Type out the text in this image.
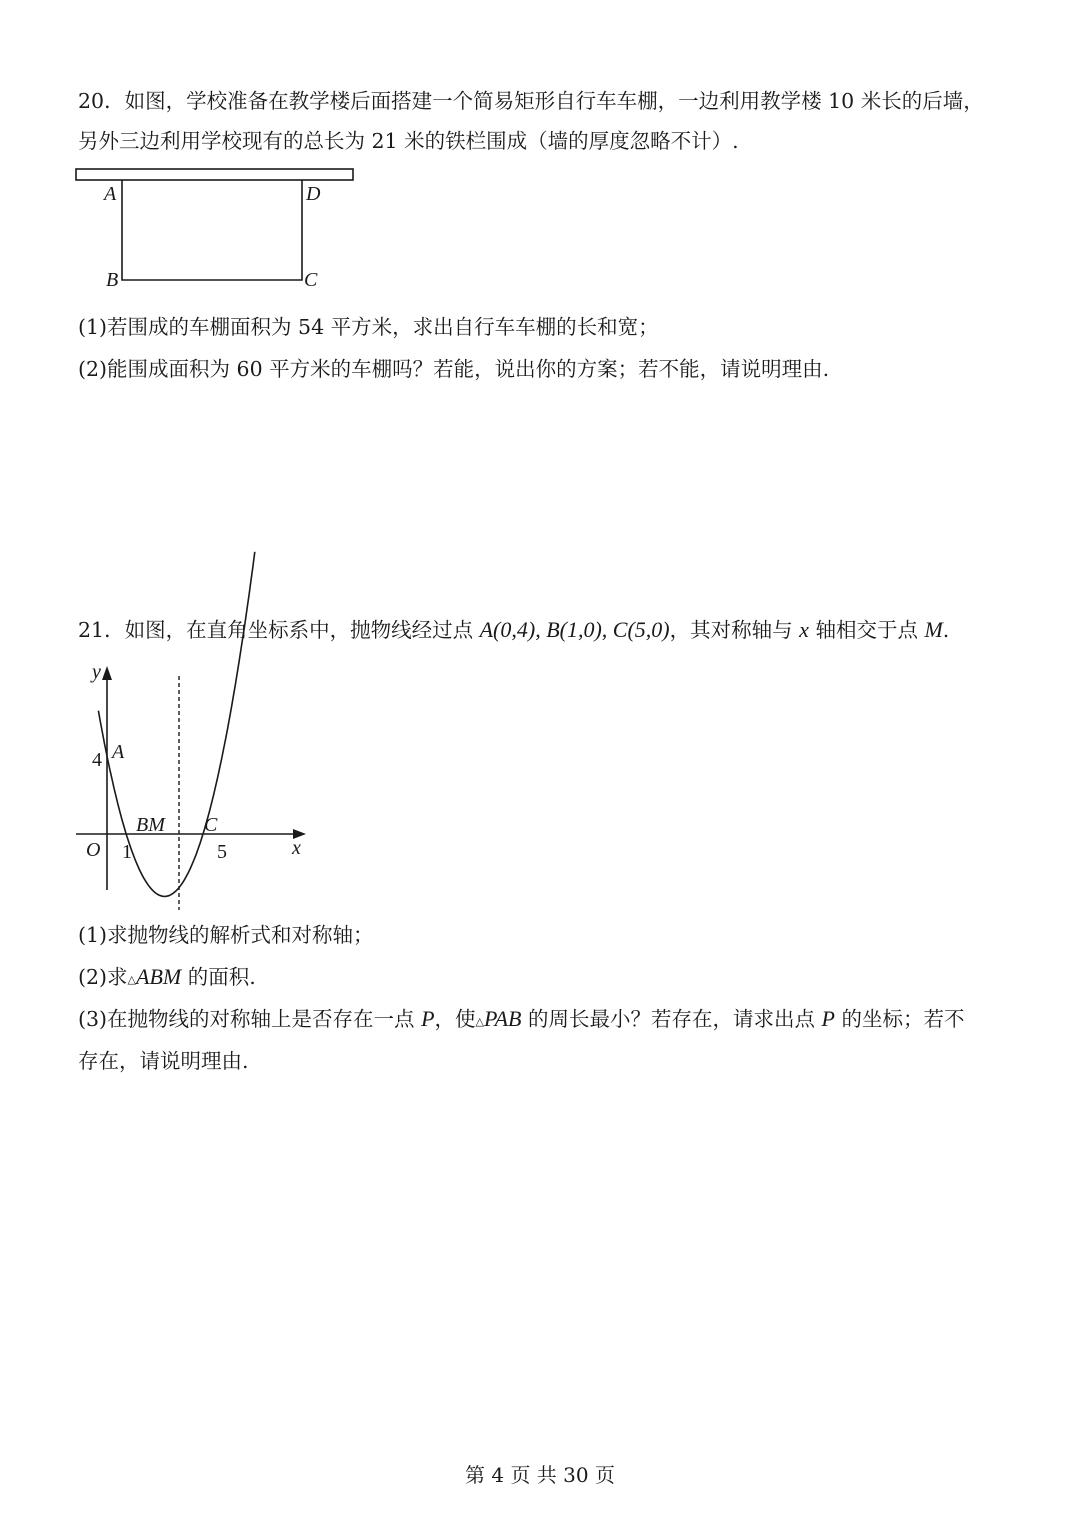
20．如图，学校准备在教学楼后面搭建一个简易矩形自行车车棚，一边利用教学楼 10 米长的后墙，
另外三边利用学校现有的总长为 21 米的铁栏围成（墙的厚度忽略不计）.
A	D
B	C
(1)若围成的车棚面积为 54 平方米，求出自行车车棚的长和宽；
(2)能围成面积为 60 平方米的车棚吗？若能，说出你的方案；若不能，请说明理由.
21．如图，在直角坐标系中，抛物线经过点 A(0,4), B(1,0), C(5,0)，其对称轴与 x 轴相交于点 M.
y
x
O
4 A
1
BM C
5
(1)求抛物线的解析式和对称轴；
(2)求△ABM 的面积.
(3)在抛物线的对称轴上是否存在一点 P，使△PAB 的周长最小？若存在，请求出点 P 的坐标；若不
存在，请说明理由.
第 4 页 共 30 页
